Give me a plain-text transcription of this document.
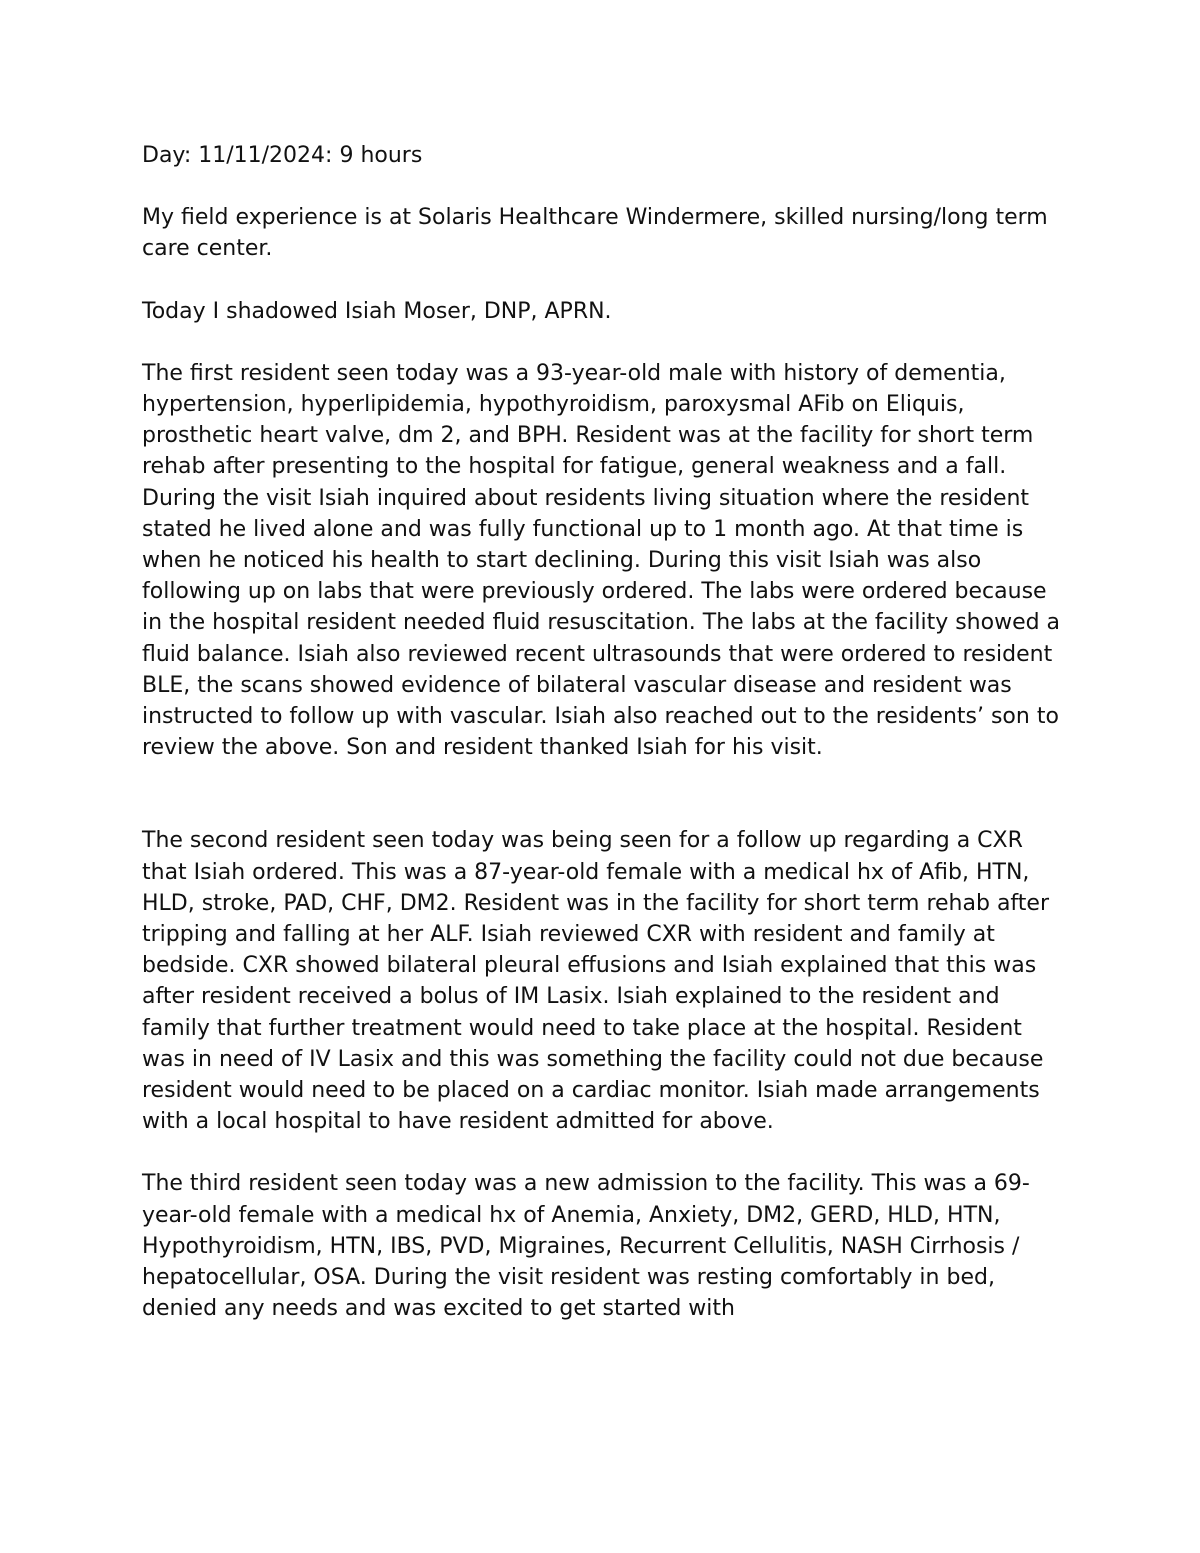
Day: 11/11/2024: 9 hours

My field experience is at Solaris Healthcare Windermere, skilled nursing/long term care center.

Today I shadowed Isiah Moser, DNP, APRN.

The first resident seen today was a 93-year-old male with history of dementia, hypertension, hyperlipidemia, hypothyroidism, paroxysmal AFib on Eliquis, prosthetic heart valve, dm 2, and BPH. Resident was at the facility for short term rehab after presenting to the hospital for fatigue, general weakness and a fall. During the visit Isiah inquired about residents living situation where the resident stated he lived alone and was fully functional up to 1 month ago. At that time is when he noticed his health to start declining. During this visit Isiah was also following up on labs that were previously ordered. The labs were ordered because in the hospital resident needed fluid resuscitation. The labs at the facility showed a fluid balance. Isiah also reviewed recent ultrasounds that were ordered to resident BLE, the scans showed evidence of bilateral vascular disease and resident was instructed to follow up with vascular. Isiah also reached out to the residents’ son to review the above. Son and resident thanked Isiah for his visit.

The second resident seen today was being seen for a follow up regarding a CXR that Isiah ordered. This was a 87-year-old female with a medical hx of Afib, HTN, HLD, stroke, PAD, CHF, DM2. Resident was in the facility for short term rehab after tripping and falling at her ALF. Isiah reviewed CXR with resident and family at bedside. CXR showed bilateral pleural effusions and Isiah explained that this was after resident received a bolus of IM Lasix. Isiah explained to the resident and family that further treatment would need to take place at the hospital. Resident was in need of IV Lasix and this was something the facility could not due because resident would need to be placed on a cardiac monitor. Isiah made arrangements with a local hospital to have resident admitted for above.

The third resident seen today was a new admission to the facility. This was a 69-year-old female with a medical hx of Anemia, Anxiety, DM2, GERD, HLD, HTN, Hypothyroidism, HTN, IBS, PVD, Migraines, Recurrent Cellulitis, NASH Cirrhosis / hepatocellular, OSA. During the visit resident was resting comfortably in bed, denied any needs and was excited to get started with
